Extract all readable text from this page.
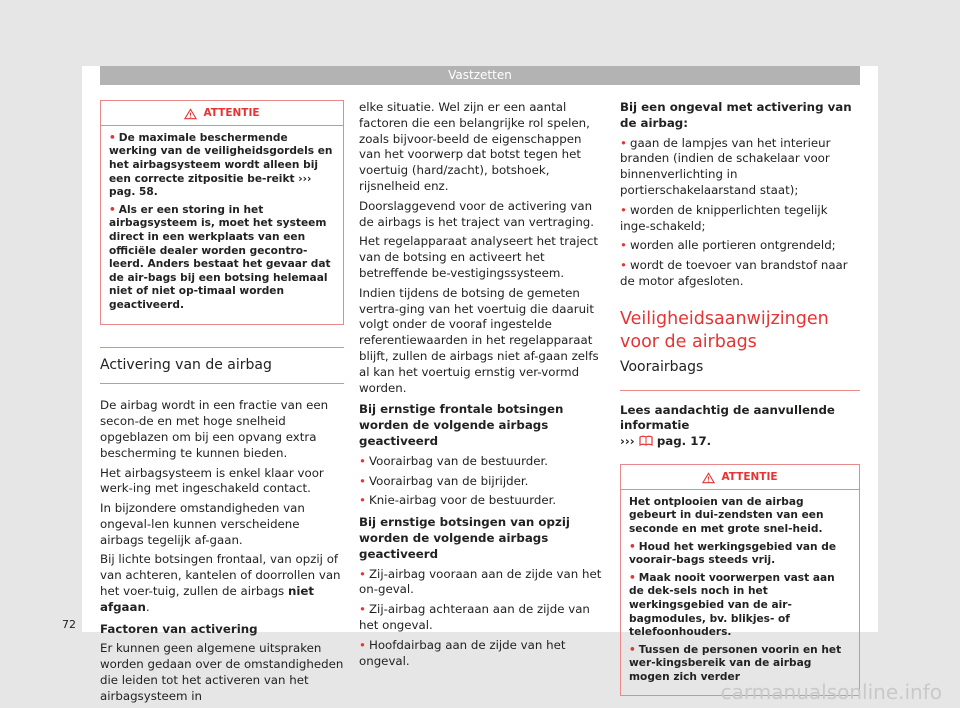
Vastzetten
ATTENTIE

• De maximale beschermende werking van de veiligheidsgordels en het airbagsysteem wordt alleen bij een correcte zitpositie be-reikt ››› pag. 58.

• Als er een storing in het airbagsysteem is, moet het systeem direct in een werkplaats van een officiële dealer worden gecontro-leerd. Anders bestaat het gevaar dat de air-bags bij een botsing helemaal niet of niet op-timaal worden geactiveerd.

Activering van de airbag

De airbag wordt in een fractie van een secon-de en met hoge snelheid opgeblazen om bij een opvang extra bescherming te kunnen bieden.

Het airbagsysteem is enkel klaar voor werk-ing met ingeschakeld contact.

In bijzondere omstandigheden van ongeval-len kunnen verscheidene airbags tegelijk af-gaan.

Bij lichte botsingen frontaal, van opzij of van achteren, kantelen of doorrollen van het voer-tuig, zullen de airbags niet afgaan.

Factoren van activering

Er kunnen geen algemene uitspraken worden gedaan over de omstandigheden die leiden tot het activeren van het airbagsysteem in

elke situatie. Wel zijn er een aantal factoren die een belangrijke rol spelen, zoals bijvoor-beeld de eigenschappen van het voorwerp dat botst tegen het voertuig (hard/zacht), botshoek, rijsnelheid enz.

Doorslaggevend voor de activering van de airbags is het traject van vertraging.

Het regelapparaat analyseert het traject van de botsing en activeert het betreffende be-vestigingssysteem.

Indien tijdens de botsing de gemeten vertra-ging van het voertuig die daaruit volgt onder de vooraf ingestelde referentiewaarden in het regelapparaat blijft, zullen de airbags niet af-gaan zelfs al kan het voertuig ernstig ver-vormd worden.

Bij ernstige frontale botsingen worden de volgende airbags geactiveerd

• Voorairbag van de bestuurder.

• Voorairbag van de bijrijder.

• Knie-airbag voor de bestuurder.

Bij ernstige botsingen van opzij worden de volgende airbags geactiveerd

• Zij-airbag vooraan aan de zijde van het on-geval.

• Zij-airbag achteraan aan de zijde van het ongeval.

• Hoofdairbag aan de zijde van het ongeval.

Bij een ongeval met activering van de airbag:

• gaan de lampjes van het interieur branden (indien de schakelaar voor binnenverlichting in portierschakelaarstand staat);

• worden de knipperlichten tegelijk inge-schakeld;

• worden alle portieren ontgrendeld;

• wordt de toevoer van brandstof naar de motor afgesloten.

Veiligheidsaanwijzingen voor de airbags
Voorairbags

Lees aandachtig de aanvullende informatie
››› pag. 17.

ATTENTIE

Het ontplooien van de airbag gebeurt in dui-zendsten van een seconde en met grote snel-heid.

• Houd het werkingsgebied van de voorair-bags steeds vrij.

• Maak nooit voorwerpen vast aan de dek-sels noch in het werkingsgebied van de air-bagmodules, bv. blikjes- of telefoonhouders.

• Tussen de personen voorin en het wer-kingsbereik van de airbag mogen zich verder

72
carmanualsonline.info
